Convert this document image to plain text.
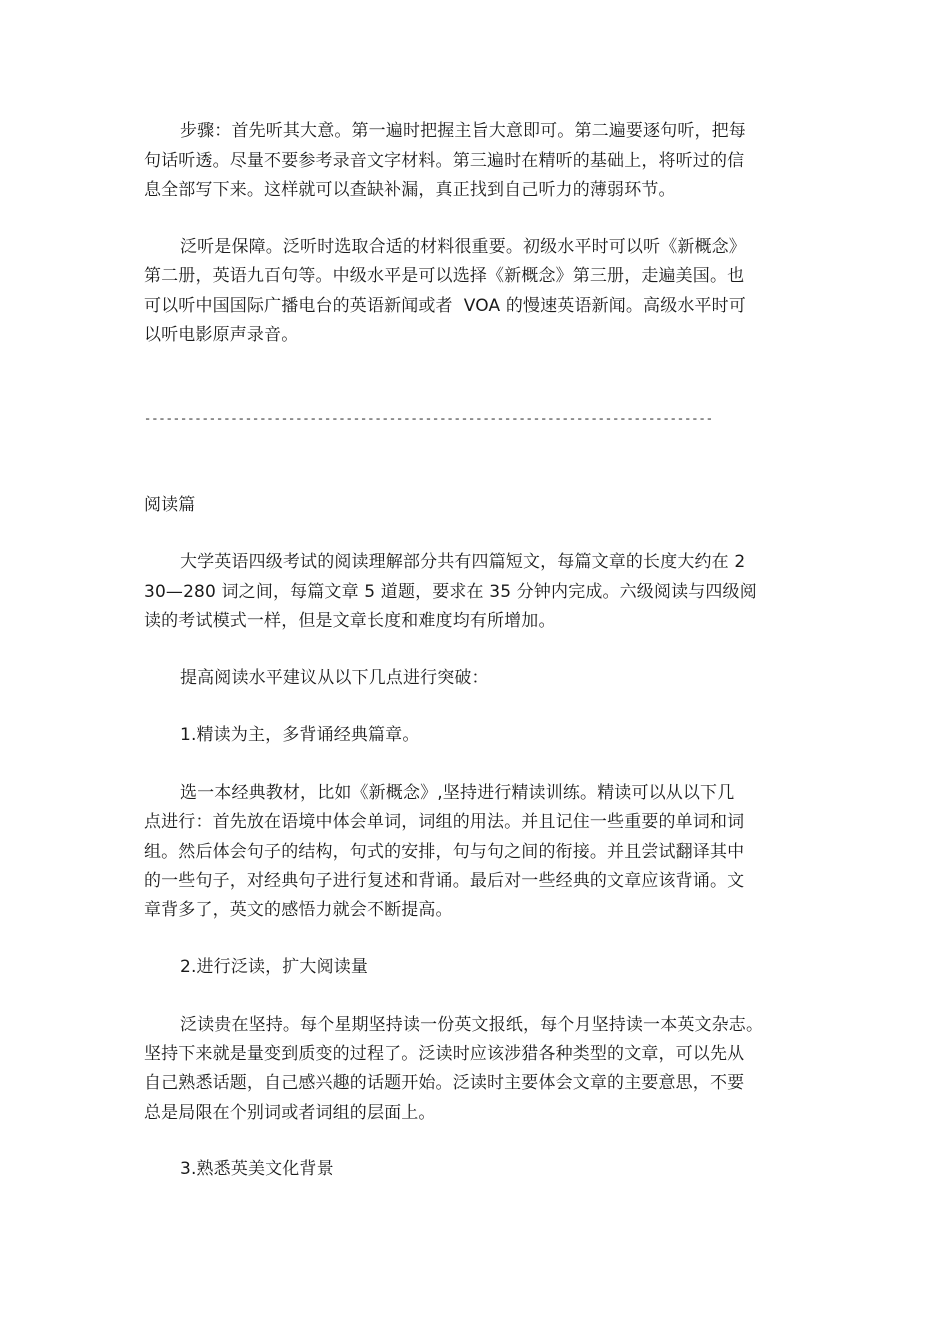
步骤：首先听其大意。第一遍时把握主旨大意即可。第二遍要逐句听，把每
句话听透。尽量不要参考录音文字材料。第三遍时在精听的基础上，将听过的信
息全部写下来。这样就可以查缺补漏，真正找到自己听力的薄弱环节。
泛听是保障。泛听时选取合适的材料很重要。初级水平时可以听《新概念》
第二册，英语九百句等。中级水平是可以选择《新概念》第三册，走遍美国。也
可以听中国国际广播电台的英语新闻或者  VOA 的慢速英语新闻。高级水平时可
以听电影原声录音。
-------------------------------------------------------------------------------
阅读篇
大学英语四级考试的阅读理解部分共有四篇短文，每篇文章的长度大约在 2
30—280 词之间，每篇文章 5 道题，要求在 35 分钟内完成。六级阅读与四级阅
读的考试模式一样，但是文章长度和难度均有所增加。
提高阅读水平建议从以下几点进行突破：
1.精读为主，多背诵经典篇章。
选一本经典教材，比如《新概念》,坚持进行精读训练。精读可以从以下几
点进行：首先放在语境中体会单词，词组的用法。并且记住一些重要的单词和词
组。然后体会句子的结构，句式的安排，句与句之间的衔接。并且尝试翻译其中
的一些句子，对经典句子进行复述和背诵。最后对一些经典的文章应该背诵。文
章背多了，英文的感悟力就会不断提高。
2.进行泛读，扩大阅读量
泛读贵在坚持。每个星期坚持读一份英文报纸，每个月坚持读一本英文杂志。
坚持下来就是量变到质变的过程了。泛读时应该涉猎各种类型的文章，可以先从
自己熟悉话题，自己感兴趣的话题开始。泛读时主要体会文章的主要意思，不要
总是局限在个别词或者词组的层面上。
3.熟悉英美文化背景
